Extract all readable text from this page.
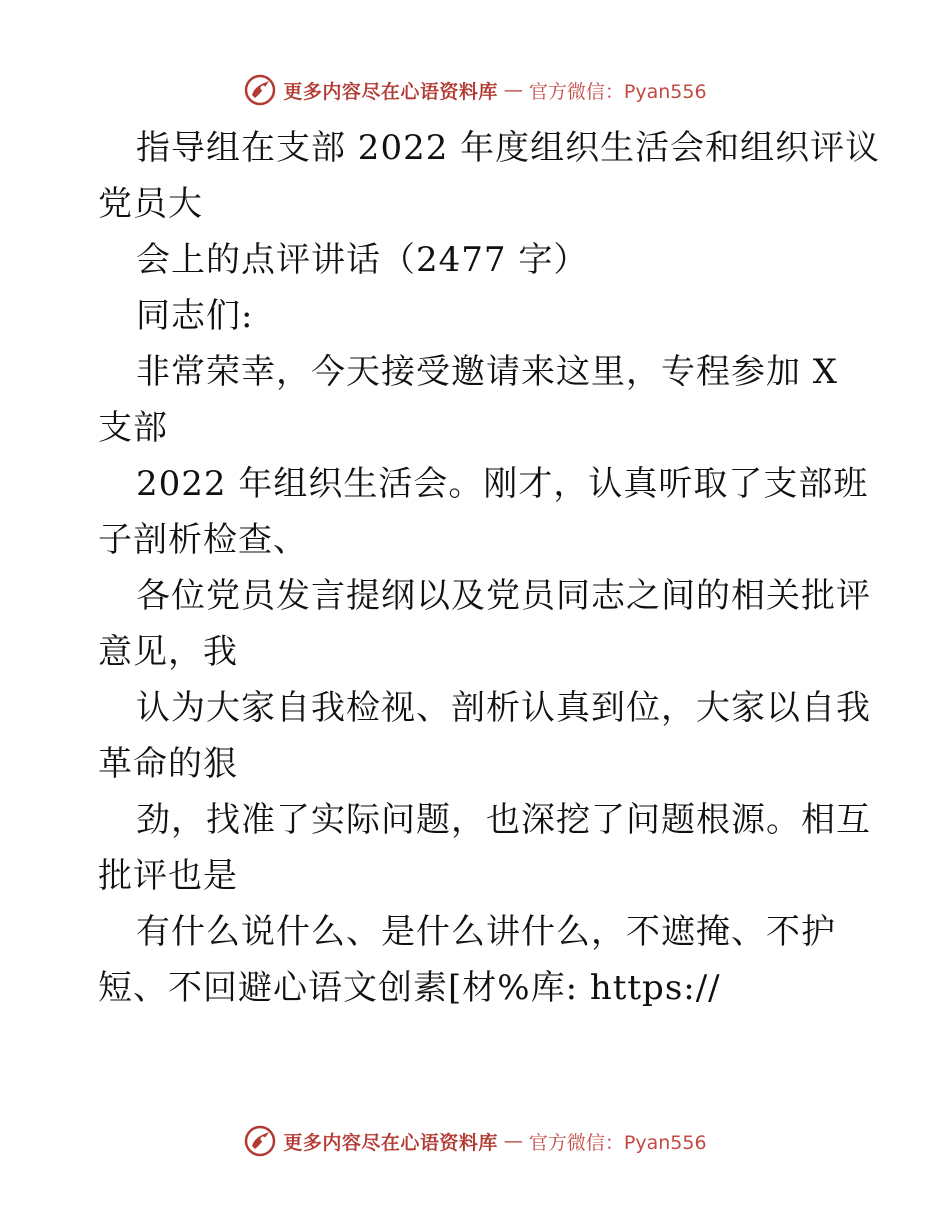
更多内容尽在心语资料库 — 官方微信：Pyan556
指导组在支部 2022 年度组织生活会和组织评议
党员大
会上的点评讲话（2477 字）
同志们:
非常荣幸，今天接受邀请来这里，专程参加 X
支部
2022 年组织生活会。刚才，认真听取了支部班
子剖析检查、
各位党员发言提纲以及党员同志之间的相关批评
意见，我
认为大家自我检视、剖析认真到位，大家以自我
革命的狠
劲，找准了实际问题，也深挖了问题根源。相互
批评也是
有什么说什么、是什么讲什么，不遮掩、不护
短、不回避心语文创素[材%库: https://
更多内容尽在心语资料库 — 官方微信：Pyan556
